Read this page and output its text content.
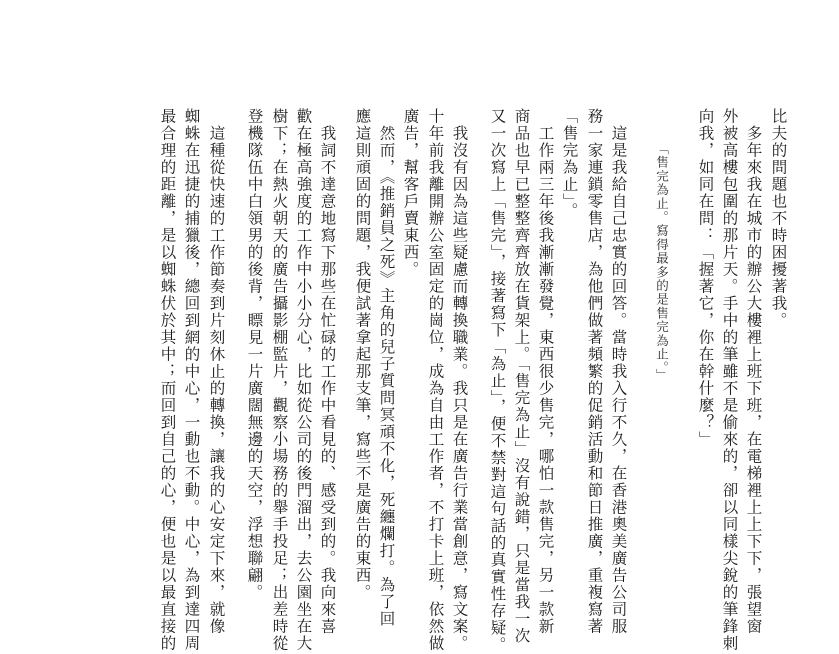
比夫的問題也不時困擾著我。
多年來我在城市的辦公大樓裡上班下班，在電梯裡上上下下，張望窗
外被高樓包圍的那片天。手中的筆雖不是偷來的，卻以同樣尖銳的筆鋒刺
向我，如同在問：「握著它，你在幹什麼？」
「售完為止。寫得最多的是售完為止。」
這是我給自己忠實的回答。當時我入行不久，在香港奧美廣告公司服
務一家連鎖零售店，為他們做著頻繁的促銷活動和節日推廣，重複寫著
「售完為止」。
工作兩三年後我漸漸發覺，東西很少售完，哪怕一款售完，另一款新
商品也早已整整齊齊放在貨架上。「售完為止」沒有說錯，只是當我一次
又一次寫上「售完」，接著寫下「為止」，便不禁對這句話的真實性存疑。
我沒有因為這些疑慮而轉換職業。我只是在廣告行業當創意，寫文案。
十年前我離開辦公室固定的崗位，成為自由工作者，不打卡上班，依然做
廣告，幫客戶賣東西。
然而，《推銷員之死》主角的兒子質問冥頑不化，死纏爛打。為了回
應這則頑固的問題，我便試著拿起那支筆，寫些不是廣告的東西。
我詞不達意地寫下那些在忙碌的工作中看見的、感受到的。我向來喜
歡在極高強度的工作中小小分心，比如從公司的後門溜出，去公園坐在大
樹下；在熱火朝天的廣告攝影棚監片，觀察小場務的舉手投足；出差時從
登機隊伍中白領男的後背，瞟見一片廣闊無邊的天空，浮想聯翩。
這種從快速的工作節奏到片刻休止的轉換，讓我的心安定下來，就像
蜘蛛在迅捷的捕獵後，總回到網的中心，一動也不動。中心，為到達四周
最合理的距離，是以蜘蛛伏於其中；而回到自己的心，便也是以最直接的
